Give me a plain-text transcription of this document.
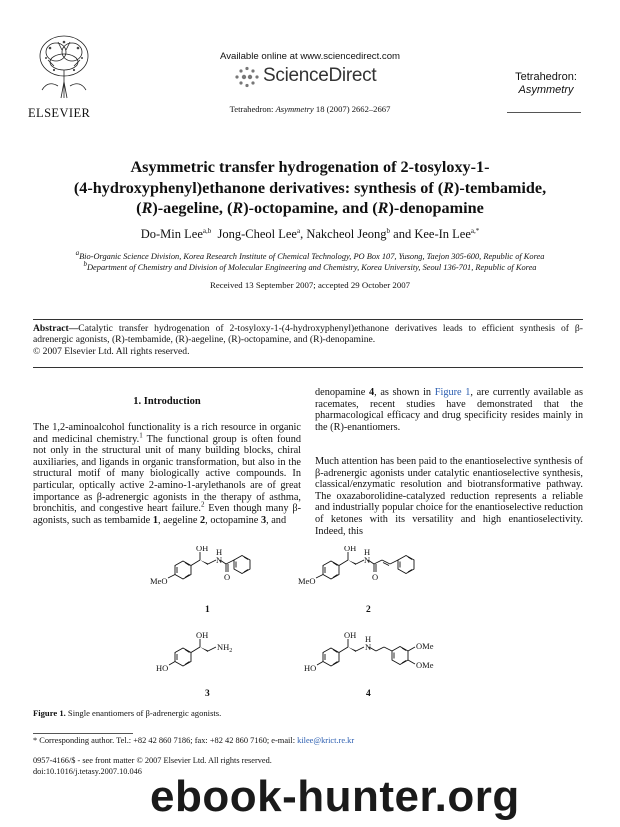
ELSEVIER
Available online at www.sciencedirect.com
ScienceDirect
Tetrahedron: Asymmetry 18 (2007) 2662–2667
Tetrahedron:
Asymmetry
Asymmetric transfer hydrogenation of 2-tosyloxy-1-
(4-hydroxyphenyl)ethanone derivatives: synthesis of (R)-tembamide,
(R)-aegeline, (R)-octopamine, and (R)-denopamine
Do-Min Lee$^{a,b}$ Jong-Cheol Lee$^a$, Nakcheol Jeong$^b$ and Kee-In Lee$^{a,*}$
$^a$Bio-Organic Science Division, Korea Research Institute of Chemical Technology, PO Box 107, Yusong, Taejon 305-600, Republic of Korea
$^b$Department of Chemistry and Division of Molecular Engineering and Chemistry, Korea University, Seoul 136-701, Republic of Korea
Received 13 September 2007; accepted 29 October 2007
Abstract—Catalytic transfer hydrogenation of 2-tosyloxy-1-(4-hydroxyphenyl)ethanone derivatives leads to efficient synthesis of β-adrenergic agonists, (R)-tembamide, (R)-aegeline, (R)-octopamine, and (R)-denopamine.
© 2007 Elsevier Ltd. All rights reserved.
1. Introduction
The 1,2-aminoalcohol functionality is a rich resource in organic and medicinal chemistry.$^1$ The functional group is often found not only in the structural unit of many building blocks, chiral auxiliaries, and ligands in organic transformation, but also in the structural motif of many biologically active compounds. In particular, optically active 2-amino-1-arylethanols are of great importance as β-adrenergic agonists in the therapy of asthma, bronchitis, and congestive heart failure.$^2$ Even though many β-agonists, such as tembamide 1, aegeline 2, octopamine 3, and
denopamine 4, as shown in Figure 1, are currently available as racemates, recent studies have demonstrated that the pharmacological efficacy and drug specificity resides mainly in the (R)-enantiomers.
Much attention has been paid to the enantioselective synthesis of β-adrenergic agonists under catalytic enantioselective synthesis, classical/enzymatic resolution and biotransformative pathway. The oxazaborolidine-catalyzed reduction represents a reliable and industrially popular choice for the enantioselective reduction of ketones with its versatility and high enantioselectivity. Indeed, this
OH H
N
O
MeO
OH H
N
O
MeO
OH
$NH_2$
HO
OH H
N
HO
OMe
OMe
1	2
3	4
Figure 1. Single enantiomers of β-adrenergic agonists.
* Corresponding author. Tel.: +82 42 860 7186; fax: +82 42 860 7160; e-mail: kilee@krict.re.kr
0957-4166/$ - see front matter © 2007 Elsevier Ltd. All rights reserved.
doi:10.1016/j.tetasy.2007.10.046
ebook-hunter.org
